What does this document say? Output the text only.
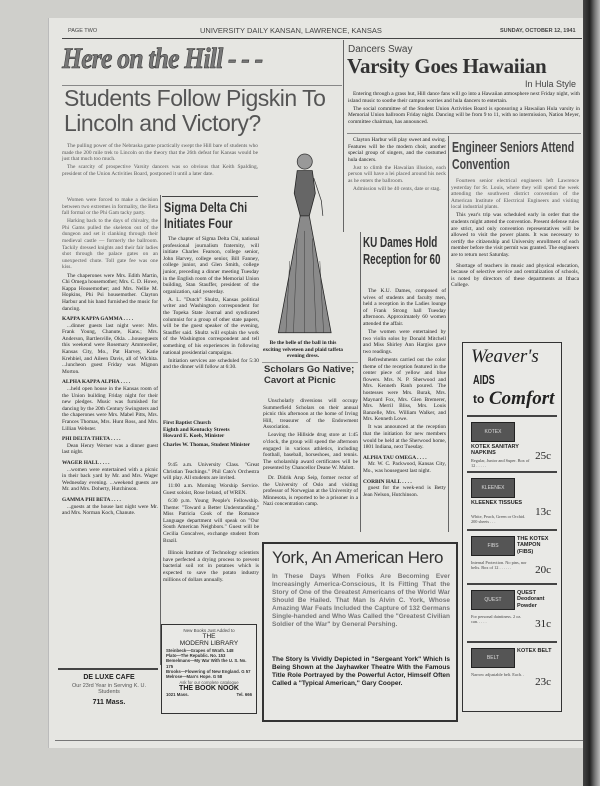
PAGE TWO	UNIVERSITY DAILY KANSAN, LAWRENCE, KANSAS	SUNDAY, OCTOBER 12, 1941
Here on the Hill - - -
Students Follow Pigskin To Lincoln and Victory?

The pulling power of the Nebraska game practically swept the Hill bare of students who made the 200 mile trek to Lincoln on the theory that the 26th defeat for Kansas would be just that much too much.

The scarcity of prospective Varsity dancers was so obvious that Keith Spalding, president of the Union Activities Board, postponed it until a later date.

Women were forced to make a decision between two extremes in formality, the Beta fall formal or the Phi Gam tacky party.

Harking back to the days of chivalry, the Phi Gams pulled the skeleton out of the dungeon and set it clanking through their medieval castle — formerly the ballroom. Tackily dressed knights and their fair ladies shot through the palace gates on an unexpected chute. Toll gate fee was one kiss.

The chaperones were Mrs. Edith Martin, Chi Omega housemother; Mrs. C. D. Howe, Kappa Housemother; and Mrs. Nellie M. Hopkins, Phi Psi housemother. Clayton Harbur and his band furnished the music for dancing.

KAPPA KAPPA GAMMA . . . .

...dinner guests last night were: Mrs. Frank Young, Chanute, Kans.; Mrs. Anderson, Bartlesville, Okla. ...houseguests this weekend were Rosemary Ammweiler, Kansas City, Mo., Pat Harvey, Katie Krehbiel, and Aileen Davis, all of Wichita. ...luncheon guest Friday was Mignon Morton.

ALPHA KAPPA ALPHA . . . .

...held open house in the Kansas room of the Union building Friday night for their new pledges. Music was furnished for dancing by the 20th Century Swingsters and the chaperones were Mrs. Mabel Pitts, Mrs. Frances Thomas, Mrs. Hunt Ross, and Mrs. Lillian Webster.

PHI DELTA THETA . . . .

Dean Henry Werner was a dinner guest last night.

WAGER HALL . . . .

...women were entertained with a picnic in their back yard by Mr. and Mrs. Wager Wednesday evening. ...weekend guests are Mr. and Mrs. Doherty, Hutchinson.

GAMMA PHI BETA . . . .

...guests at the house last night were Mr. and Mrs. Norman Koch, Chanute.

Sigma Delta Chi Initiates Four

The chapter of Sigma Delta Chi, national professional journalism fraternity, will initiate Charles Fearson, college senior, John Harvey, college senior, Bill Fanney, college junior, and Glen Smith, college junior, preceding a dinner meeting Tuesday in the English room of the Memorial Union building, Stan Stauffer, president of the organization, said yesterday.

A. L. "Dutch" Shultz, Kansas political writer and Washington correspondent for the Topeka State Journal and syndicated columnist for a group of other state papers, will be the guest speaker of the evening, Stauffer said. Shultz will explain the work of the Washington correspondent and tell something of his experiences in following national presidential campaigns.

Initiation services are scheduled for 5:30 and the dinner will follow at 6:30.

First Baptist Church
Eighth and Kentucky Streets
Howard E. Koeb, Minister
Charles W. Thomas, Student Minister

9:45 a.m. University Class. "Great Christian Teachings." Phil Cato's Orchestra will play. All students are invited.

11:00 a.m. Morning Worship Service. Guest soloist, Rose Ireland, of WREN.

6:30 p.m. Young People's Fellowship. Theme: "Toward a Better Understanding." Miss Patricia Cook of the Romance Language department will speak on "Our South American Neighbors." Guest will be Cecilia Goncalves, exchange student from Brazil.

Illinois Institute of Technology scientists have perfected a drying process to prevent bacterial soil rot in potatoes which is expected to save the potato industry millions of dollars annually.

Be the belle of the ball in this exciting velveteen and plaid taffeta evening dress.
Scholars Go Native; Cavort at Picnic

Unscholarly diversions will occupy Summerfield Scholars on their annual picnic this afternoon at the home of Irving Hill, treasurer of the Endowment Association.

Leaving the Hillside drug store at 1:45 o'clock, the group will spend the afternoon engaged in various athletics, including football, baseball, horseshoes, and tennis. The scholarship award certificates will be presented by Chancellor Deane W. Malott.

Dr. Didrik Arup Seip, former rector of the University of Oslo and visiting professor of Norwegian at the University of Minnesota, is reported to be a prisoner in a Nazi concentration camp.

Dancers Sway
Varsity Goes Hawaiian
In Hula Style

Entering through a grass hut, Hill dance fans will go into a Hawaiian atmosphere next Friday night, with island music to soothe their campus worries and hula dancers to entertain.

The social committee of the Student Union Activities Board is sponsoring a Hawaiian Hula varsity in Memorial Union ballroom Friday night. Dancing will be from 9 to 11, with no intermission, Nation Meyer, committee chairman, has announced.

Clayton Harbur will play sweet and swing. Features will be the modern choir, another special group of singers, and the costumed hula dancers.

Just to climb the Hawaiian illusion, each person will have a lei placed around his neck as he enters the ballroom.

Admission will be 40 cents, date or stag.

KU Dames Hold Reception for 60

The K.U. Dames, composed of wives of students and faculty men, held a reception in the Ladies lounge of Frank Strong hall Tuesday afternoon. Approximately 60 women attended the affair.

The women were entertained by two violin solos by Donald Mitchell and Miss Shirley Ann Hargiss gave two readings.

Refreshments carried out the color theme of the reception featured in the center piece of yellow and blue flowers. Mrs. N. P. Sherwood and Mrs. Kenneth Ranh poured. The hostesses were Mrs. Burak, Mrs. Maynard Fox, Mrs. Glen Bremerer, Mrs. Merril Bliss, Mrs. Louis Banzelle, Mrs. William Walker, and Mrs. Kenneth Lowe.

It was announced at the reception that the initiation for new members would be held at the Sherwood home, 1801 Indiana, next Tuesday.

ALPHA TAU OMEGA . . . .

Mr. W. C. Packwood, Kansas City, Mo., was houseguest last night.

CORBIN HALL . . . .

guest for the week-end is Betty Jean Nelson, Hutchinson.

Engineer Seniors Attend Convention

Fourteen senior electrical engineers left Lawrence yesterday for St. Louis, where they will spend the week attending the southwest district convention of the American Institute of Electrical Engineers and visiting local industrial plants.

This year's trip was scheduled early in order that the students might attend the convention. Present defense rules are strict, and only convention representatives will be allowed to visit the power plants. It was necessary to certify the citizenship and University enrollment of each member before the visit permit was granted. The engineers are to return next Saturday.

Shortage of teachers in music and physical education, because of selective service and centralization of schools, is noted by directors of these departments at Ithaca College.

Weaver's
AIDS
to Comfort
KOTEX
KOTEX SANITARY NAPKINS
Regular, Junior and Super. Box of 12 . . . . .
25c
KLEENEX
KLEENEX TISSUES
White, Peach, Green or Orchid. 200 sheets . . .
13c
FIBS
THE KOTEX TAMPON (FIBS)
Internal Protection. No pins, nor belts. Box of 12 . . . . . .	20c
QUEST
QUEST Deodorant Powder
For personal daintiness. 2 oz. can. . . . .	31c
BELT
KOTEX BELT
Narrow adjustable belt. Each. .
23c
York, An American Hero
In These Days When Folks Are Becoming Ever Increasingly America-Conscious, It Is Fitting That the Story of One of the Greatest Americans of the World War Should Be Hailed. That Man Is Alvin C. York, Whose Amazing War Feats Included the Capture of 132 Germans Single-handed and Who Was Called the "Greatest Civilian Soldier of the War" by General Pershing.
The Story Is Vividly Depicted in "Sergeant York" Which Is Being Shown at the Jayhawker Theatre With the Famous Title Role Portrayed by the Powerful Actor, Himself Often Called a "Typical American," Gary Cooper.
DE LUXE CAFE
Our 23rd Year in Serving K. U. Students
711 Mass.
New Books Just Added to
THE
MODERN LIBRARY
Steinbeck—Grapes of Wrath. 148
Plato—The Republic. No. 153
Bemelmans—My War With the U. S. No. 175
Brooks—Flowering of New England. G 57
Melrose—Man's Hope. G 58
Ask for our complete catalogue
THE BOOK NOOK
1021 Mass.	Tel. 666
